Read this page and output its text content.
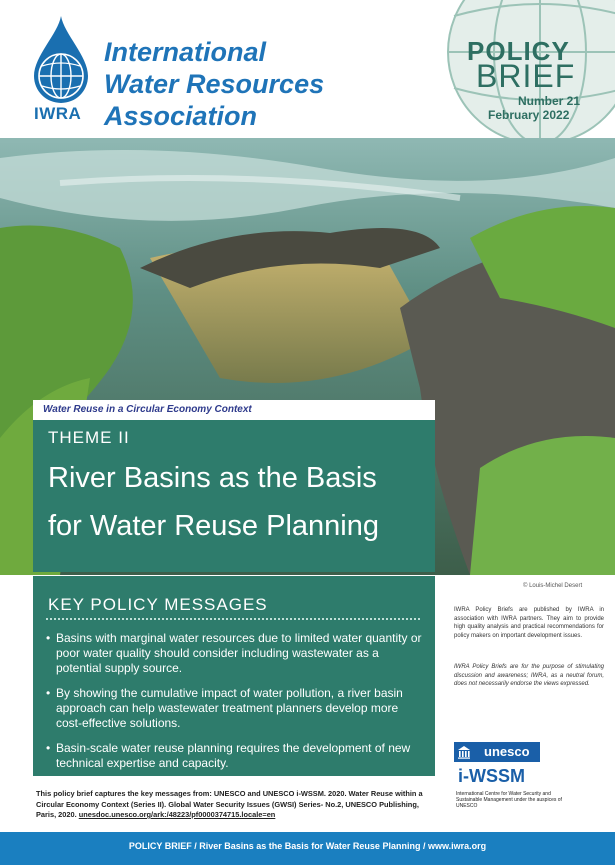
IWRA
International
Water Resources
Association
POLICY
BRIEF
Number 21
February 2022
Water Reuse in a Circular Economy Context
THEME II
River Basins as the Basis
for Water Reuse Planning
© Louis-Michel Desert
KEY POLICY MESSAGES
• Basins with marginal water resources due to limited water quantity or poor water quality should consider including wastewater as a potential supply source.
• By showing the cumulative impact of water pollution, a river basin approach can help wastewater treatment planners develop more cost-effective solutions.
• Basin-scale water reuse planning requires the development of new technical expertise and capacity.
IWRA Policy Briefs are published by IWRA in association with IWRA partners. They aim to provide high quality analysis and practical recommendations for policy makers on important development issues.
IWRA Policy Briefs are for the purpose of stimulating discussion and awareness; IWRA, as a neutral forum, does not necessarily endorse the views expressed.
unesco
i-WSSM
International Centre for Water Security and Sustainable Management under the auspices of UNESCO
This policy brief captures the key messages from: UNESCO and UNESCO i-WSSM. 2020. Water Reuse within a Circular Economy Context (Series II). Global Water Security Issues (GWSI) Series- No.2, UNESCO Publishing, Paris, 2020. unesdoc.unesco.org/ark:/48223/pf0000374715.locale=en
POLICY BRIEF / River Basins as the Basis for Water Reuse Planning / www.iwra.org
